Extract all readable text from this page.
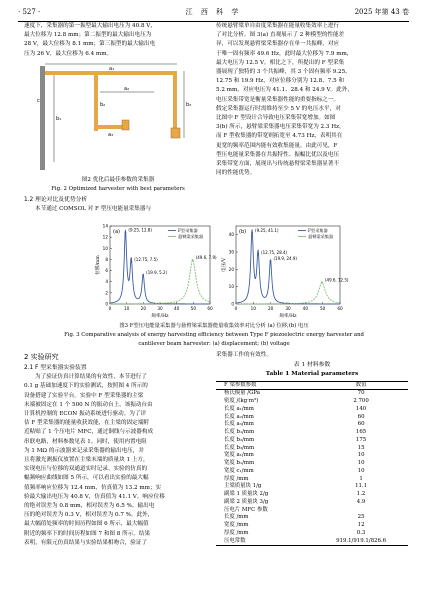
· 527 ·	江 西 科 学	2025 年第 43 卷
速度下，采集器的第一振型最大输出电压为 40.8 V，
最大位移为 12.8 mm；第二振型的最大输出电压为
28 V，最大位移为 8.1 mm；第三振型的最大输出电
压为 26 V，最大位移为 6.4 mm。
c
b₁
b₂	b₃
a₁
a₂
a₃
图2 优化后最佳参数的采集器
Fig. 2 Optimized harvester with best parameters
1.2 理论对比及优势分析
本节通过 COMSOL 对 F 型压电能量采集器与
传统悬臂梁单自由度采集器在能量收集效率上进行
了对比分析。图 3(a) 直观展示了 2 种模型的性能差
异，可以发现悬臂梁采集器存在单一共振峰，对应
于唯一固有频率 49.6 Hz，此时最大位移为 7.9 mm，
最大电压为 12.5 V。相比之下，所提出的 F 型采集
器展现了独特的 3 个共振峰，其 3 个固有频率 9.25、
12.75 和 19.9 Hz，对应位移分别为 12.8、7.5 和
5.2 mm，对应电压为 41.1、28.4 和 24.9 V。此外，
电压采集带宽是衡量采集器性能的重要指标之一。
假定采集器运行时需维持至少 5 V 的电压水平，对
比图中 F 型设计合导致电压采集带宽增加。如图
3(b) 所示，悬臂梁采集器电压采集带宽为 2.3 Hz，
而 F 型收集器的带宽则拓宽至 4.73 Hz，表明其在
更宽的频率范围内能有效收集能量。由此可见，F
型压电能量采集器在共振特性、振幅比优以及电压
采集带宽方面，展现出与传统悬臂梁采集器显著不
同的性能优势。
0	10	20	30	40	50	60
0
2
4
6
8
10
12
14
(9.25, 12.8)
(12.75, 7.5)	(49.6, 7.9)
(19.9, 5.2)
(a)
频率/Hz
位移/mm
F型采集器
悬臂梁采集器
0	10	20	30	40	50	60
0
10
20
30
40
(9.25, 41.1)
(12.75, 28.4)
(19.9, 24.9)
(49.6, 12.5)
(b)
频率/Hz
电压/V
F型采集器
悬臂梁采集器
图3 F型压电能量采集器与悬臂梁采集器能量收集效率对比分析 (a) 位移;(b) 电压
Fig. 3 Comparative analysis of energy harvesting efficiency between Type F piezoelectric energy harvester and
cantilever beam harvester: (a) displacement; (b) voltage
2 实验研究
2.1 F 型采集器实验装置
为了验证仿真计算结果的有效性，本节进行了
0.1 g 基础加速度下的实验测试，按照图 4 所示的
设备搭建了实验平台。实验中 F 型采集器的主梁
末端被固定在 1 个 500 N 的振动台上，该振动台由
计算机控制的 ECON 振动系统进行驱动。为了评
估 F 型采集器的能量收获效能，在主梁的固定端附
近粘贴了 1 个压电片 MFC，通过铜线与示波器构成
串联电路，材料参数见表 1。同时，使用内置电阻
为 1 MΩ 的示波器来记录采集器的输出电压，并
且将激光测振仪放置在主梁末端的质量块 1 上方，
实现电压与位移的双通道实时记录。实验的仿真的
幅频响应曲线如图 5 所示，可以看出实验的最大幅
值频率响应位移为 12.4 mm，仿真值为 13.2 mm；实
验最大输出电压为 40.8 V，仿真值为 41.1 V。响应位移
的绝对误差为 0.8 mm，相对误差为 6.5 %。输出电
压的绝对误差为 0.3 V，相对误差为 0.7 %。此外，
最大幅值处频率的时间历程如图 6 所示，最大幅值
附近的频率下的时间历程如图 7 和图 8 所示。结果
表明，有限元仿真结果与实验结果相吻合，验证了
采集器工作的有效性。
表 1 材料参数
Table 1 Material parameters
F 梁参数参数	数值
杨氏模量 /GPa	70
密度 /(kg·m³)	2 700
长度 a₁/mm	140
长度 a₂/mm	60
长度 a₃/mm	60
长度 b₁/mm	165
长度 b₂/mm	175
长度 b₃/mm	15
宽度 a₁/mm	10
宽度 b₁/mm	10
宽度 c₁/mm	10
厚度 /mm	1
主梁质量块 1/g	11.1
副梁 1 质量块 2/g	1.2
副梁 2 质量块 3/g	4.9
压电片 MFC 参数	
长度 /mm	25
宽度 /mm	12
厚度 /mm	0.3
压电常数	919.1/919.1/826.6
